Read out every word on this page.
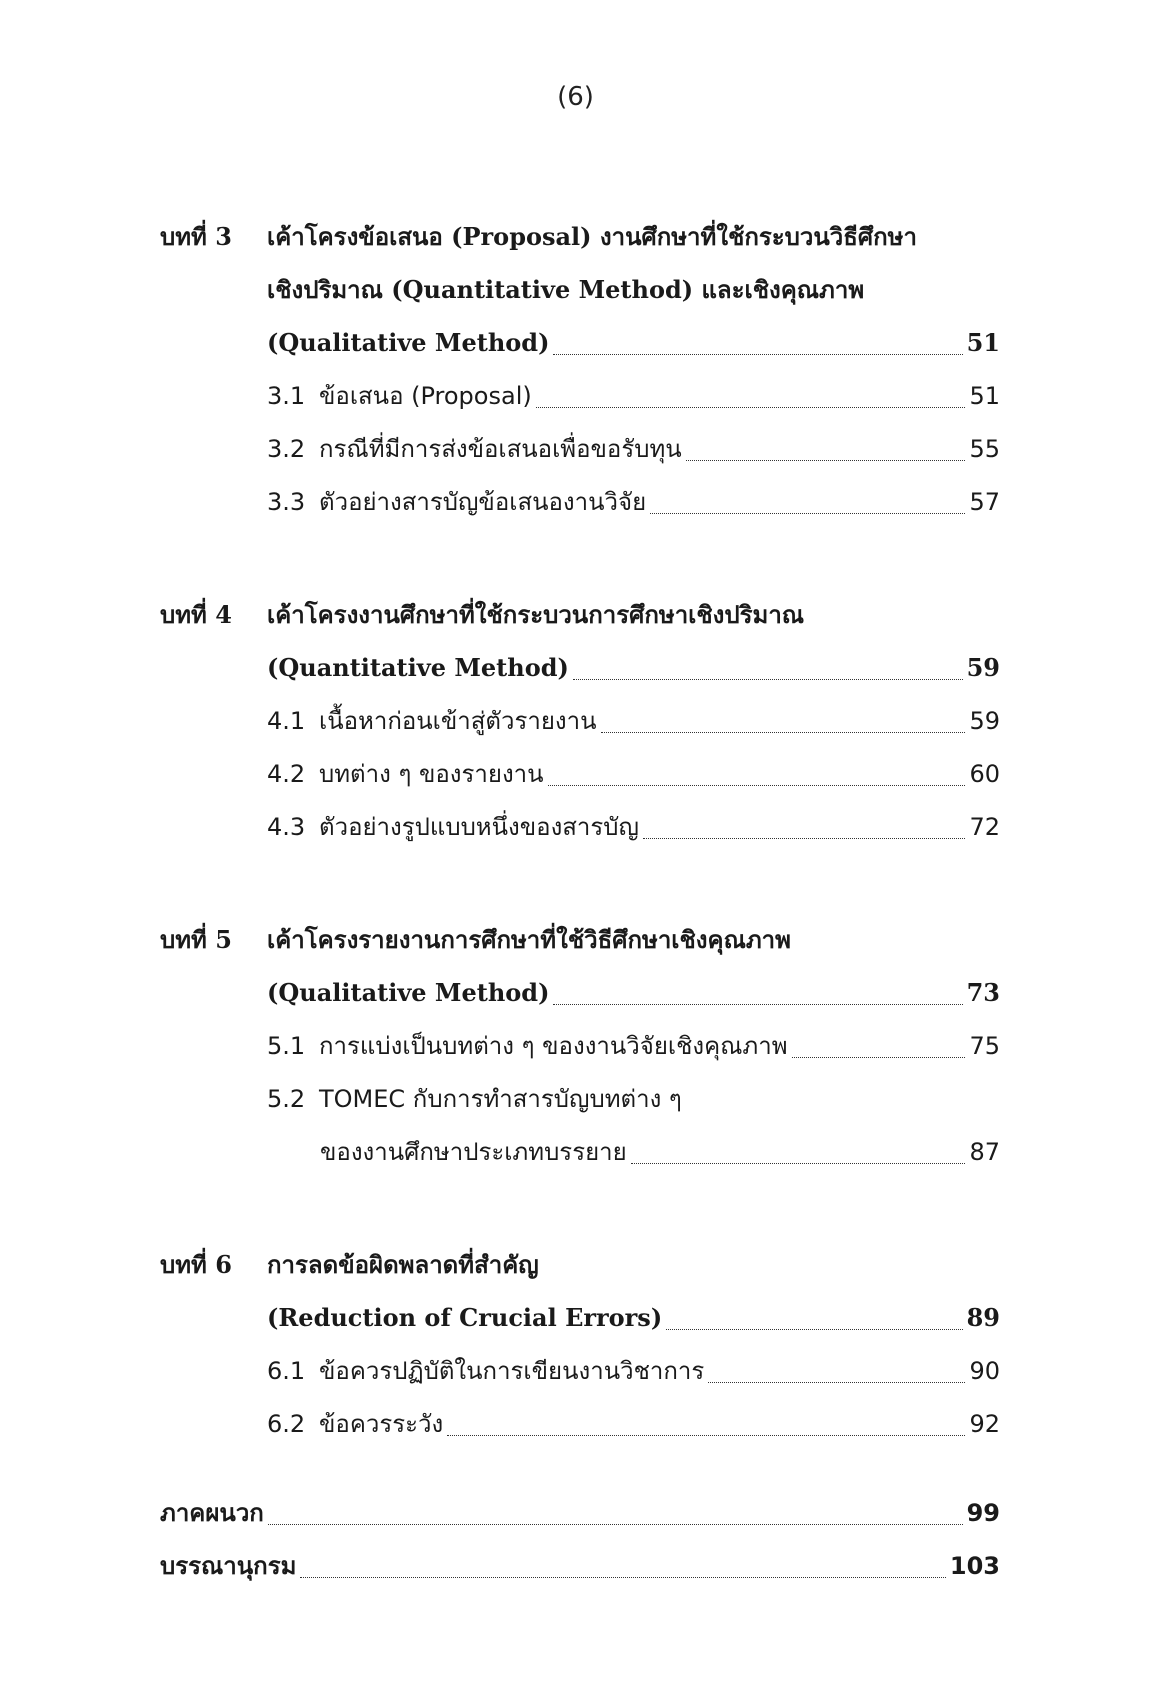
(6)
บทที่ 3	เค้าโครงข้อเสนอ (Proposal) งานศึกษาที่ใช้กระบวนวิธีศึกษา
เชิงปริมาณ (Quantitative Method) และเชิงคุณภาพ
(Qualitative Method)	51
3.1 ข้อเสนอ (Proposal)	51
3.2 กรณีที่มีการส่งข้อเสนอเพื่อขอรับทุน	55
3.3 ตัวอย่างสารบัญข้อเสนองานวิจัย	57
บทที่ 4	เค้าโครงงานศึกษาที่ใช้กระบวนการศึกษาเชิงปริมาณ
(Quantitative Method)	59
4.1 เนื้อหาก่อนเข้าสู่ตัวรายงาน	59
4.2 บทต่าง ๆ ของรายงาน	60
4.3 ตัวอย่างรูปแบบหนึ่งของสารบัญ	72
บทที่ 5	เค้าโครงรายงานการศึกษาที่ใช้วิธีศึกษาเชิงคุณภาพ
(Qualitative Method)	73
5.1 การแบ่งเป็นบทต่าง ๆ ของงานวิจัยเชิงคุณภาพ	75
5.2 TOMEC กับการทำสารบัญบทต่าง ๆ
ของงานศึกษาประเภทบรรยาย	87
บทที่ 6	การลดข้อผิดพลาดที่สำคัญ
(Reduction of Crucial Errors)	89
6.1 ข้อควรปฏิบัติในการเขียนงานวิชาการ	90
6.2 ข้อควรระวัง	92
ภาคผนวก	99
บรรณานุกรม	103
